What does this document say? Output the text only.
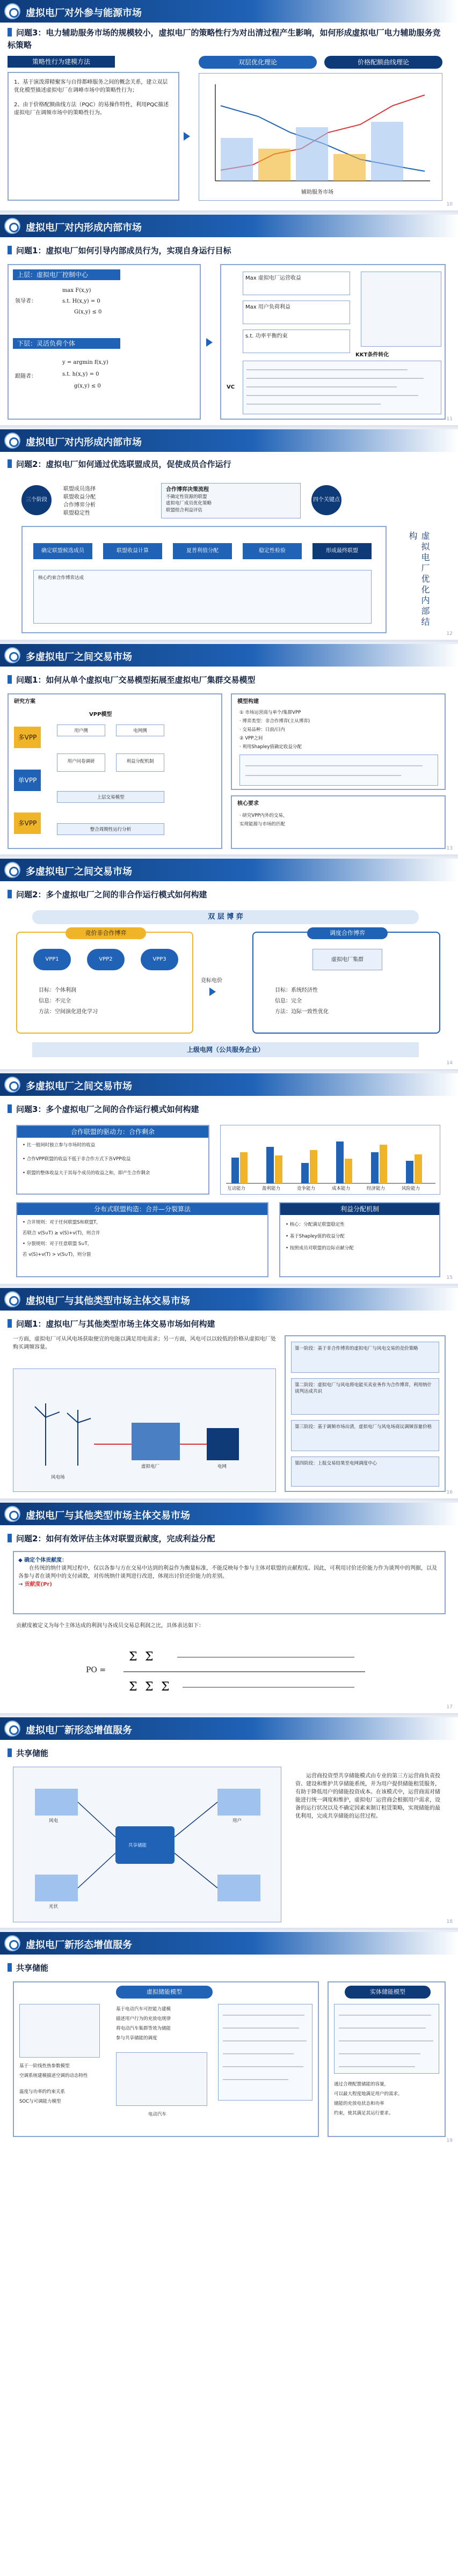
虚拟电厂对外参与能源市场
问题3：电力辅助服务市场的规模较小，虚拟电厂的策略性行为对出清过程产生影响，如何形成虚拟电厂电力辅助服务竞标策略
策略性行为建模方法

1、基于演泼滞精聚客与自得都峰服务之间的概念关系，建立双层优化模型描述虚拟电厂在调峰市场中的策略性行为；

2、由于价格配额曲线方法（PQC）的易操作特性，利用PQC描述虚拟电厂在调频市场中的策略性行为。

双层优化理论	价格配额曲线理论
辅助服务市场
10
虚拟电厂对内形成内部市场
问题1：虚拟电厂如何引导内部成员行为，实现自身运行目标
上层：虚拟电厂控制中心
领导者：
max F(x,y)
s.t. H(x,y) = 0
G(x,y) ≤ 0
下层：灵活负荷个体
跟随者：
y = argmin f(x,y)
s.t. h(x,y) = 0
g(x,y) ≤ 0
Max 虚拟电厂运营收益
Max 用户负荷利益
s.t. 功率平衡约束
KKT条件转化
VC
11
虚拟电厂对内形成内部市场
问题2：虚拟电厂如何通过优选联盟成员，促使成员合作运行
三个阶段
联盟成员选择
联盟收益分配
合作博弈分析
联盟稳定性
合作博弈决策流程
不确定性资源的联盟
虚拟电厂成员优化策略
联盟组合利益评估
四个关键点
确定联盟候选成员	联盟收益计算	夏普利值分配	稳定性检验	形成最终联盟
核心约束合作博弈达成	虚拟电厂优化内部结构
12
多虚拟电厂之间交易市场
问题1：如何从单个虚拟电厂交易模型拓展至虚拟电厂集群交易模型
研究方案
VPP模型
多VPP
单VPP
多VPP
用户侧	电网侧
用户问卷调研	利益分配机制
上层交易模型
整合周期性运行分析
模型构建
① 市场运营商与单个/集群VPP
· 博弈类型：非合作博弈(主从博弈)
· 交易品种：日前/日内
② VPP之间
· 利用Shapley值确定收益分配
核心要求
· 研究VPP内外的交易，
实现能源与市场的匹配
13
多虚拟电厂之间交易市场
问题2：多个虚拟电厂之间的非合作运行模式如何构建
双 层 博 弈
竞价非合作博弈
VPP1	VPP2	VPP3
目标：个体利润
信息：不完全
方法：空间演化进化学习
竞标电价
调度合作博弈
虚拟电厂集群
目标：系统经济性
信息：完全
方法：边际一致性优化
上级电网（公共服务企业）
14
多虚拟电厂之间交易市场
问题3：多个虚拟电厂之间的合作运行模式如何构建
合作联盟的驱动力：合作剩余
• 比一般间时独立参与市场时的收益
• 合作VPP联盟的收益不低于非合作方式下各VPP收益
• 联盟的整体收益大于其每个成员的收益之和，即产生合作剩余
互动能力	盈利能力	竞争能力	成本能力	经济能力	风险能力
分布式联盟构造：合并—分裂算法
• 合并规则：对于任何联盟S和联盟T，
若联合 v(S∪T) ≥ v(S)+v(T)，则合并
• 分裂规则：对于任意联盟 S∪T，
若 v(S)+v(T) > v(S∪T)，则分裂
利益分配机制
• 核心：分配满足联盟稳定性
• 基于Shapley值的收益分配
• 按照成员对联盟的边际贡献分配
15
虚拟电厂与其他类型市场主体交易市场
问题1：虚拟电厂与其他类型市场主体交易市场如何构建
一方面，虚拟电厂可从风电场获取便宜的电能以满足用电需求；另一方面，风电可以以较低的价格从虚拟电厂处购买调频容量。
风电场
虚拟电厂	电网
第一阶段：基于非合作博弈的虚拟电厂与风电交易的竞价策略
第二阶段：虚拟电厂与风电将电能买卖业务作为合作博弈，利用纳什谈判达成共识
第三阶段：基于调频市场出清，虚拟电厂与风电场商议调频容量价格
第四阶段：上报交易结果至电网调度中心
16
虚拟电厂与其他类型市场主体交易市场
问题2：如何有效评估主体对联盟贡献度，完成利益分配
◆ 确定个体贡献度：
在传统的纳什谈判过程中，仅以各参与方在交易中达到的利益作为衡量标准，不能反映每个参与主体对联盟的贡献程度。因此，可利用讨价还价能力作为谈判中的判据，以及各参与者在谈判中的支付函数，对传统纳什谈判进行改进，体现出讨价还价能力的差别。
→ 贡献度(Pr)
贡献度被定义为每个主体达成的利润与各成员交易总利润之比，具体表达如下：
PO =
Σ Σ
Σ Σ Σ
17
虚拟电厂新形态增值服务
共享储能
风电
光伏
共享储能
用户
运营商投资型共享储能模式由专业的第三方运营商负责投资、建设和维护共享储能系统，并为用户提供储能租赁服务，有助于降低用户的储能投资成本。在该模式中，运营商需对储能进行统一调度和维护，虚拟电厂运营商会根据用户需求，设备的运行状况以及不确定因素来制订租赁策略，实现储能的最优利用，完成共享储能的运营过程。
18
虚拟电厂新形态增值服务
共享储能
虚拟储能模型
基于一阶线性热参数模型
空调系统建模描述空调的动态特性
温度与功率的约束关系
SOC与可调能力模型
基于电动汽车可控能力建模
描述用户行为的充放电规律
将电动汽车集群等效为储能
参与共享储能的调度
电动汽车
实体储能模型
通过合理配置储能的容量，
可以最大程度地满足用户的需求。
储能的充放电状态和功率
约束，使其满足其运行要求。
19
